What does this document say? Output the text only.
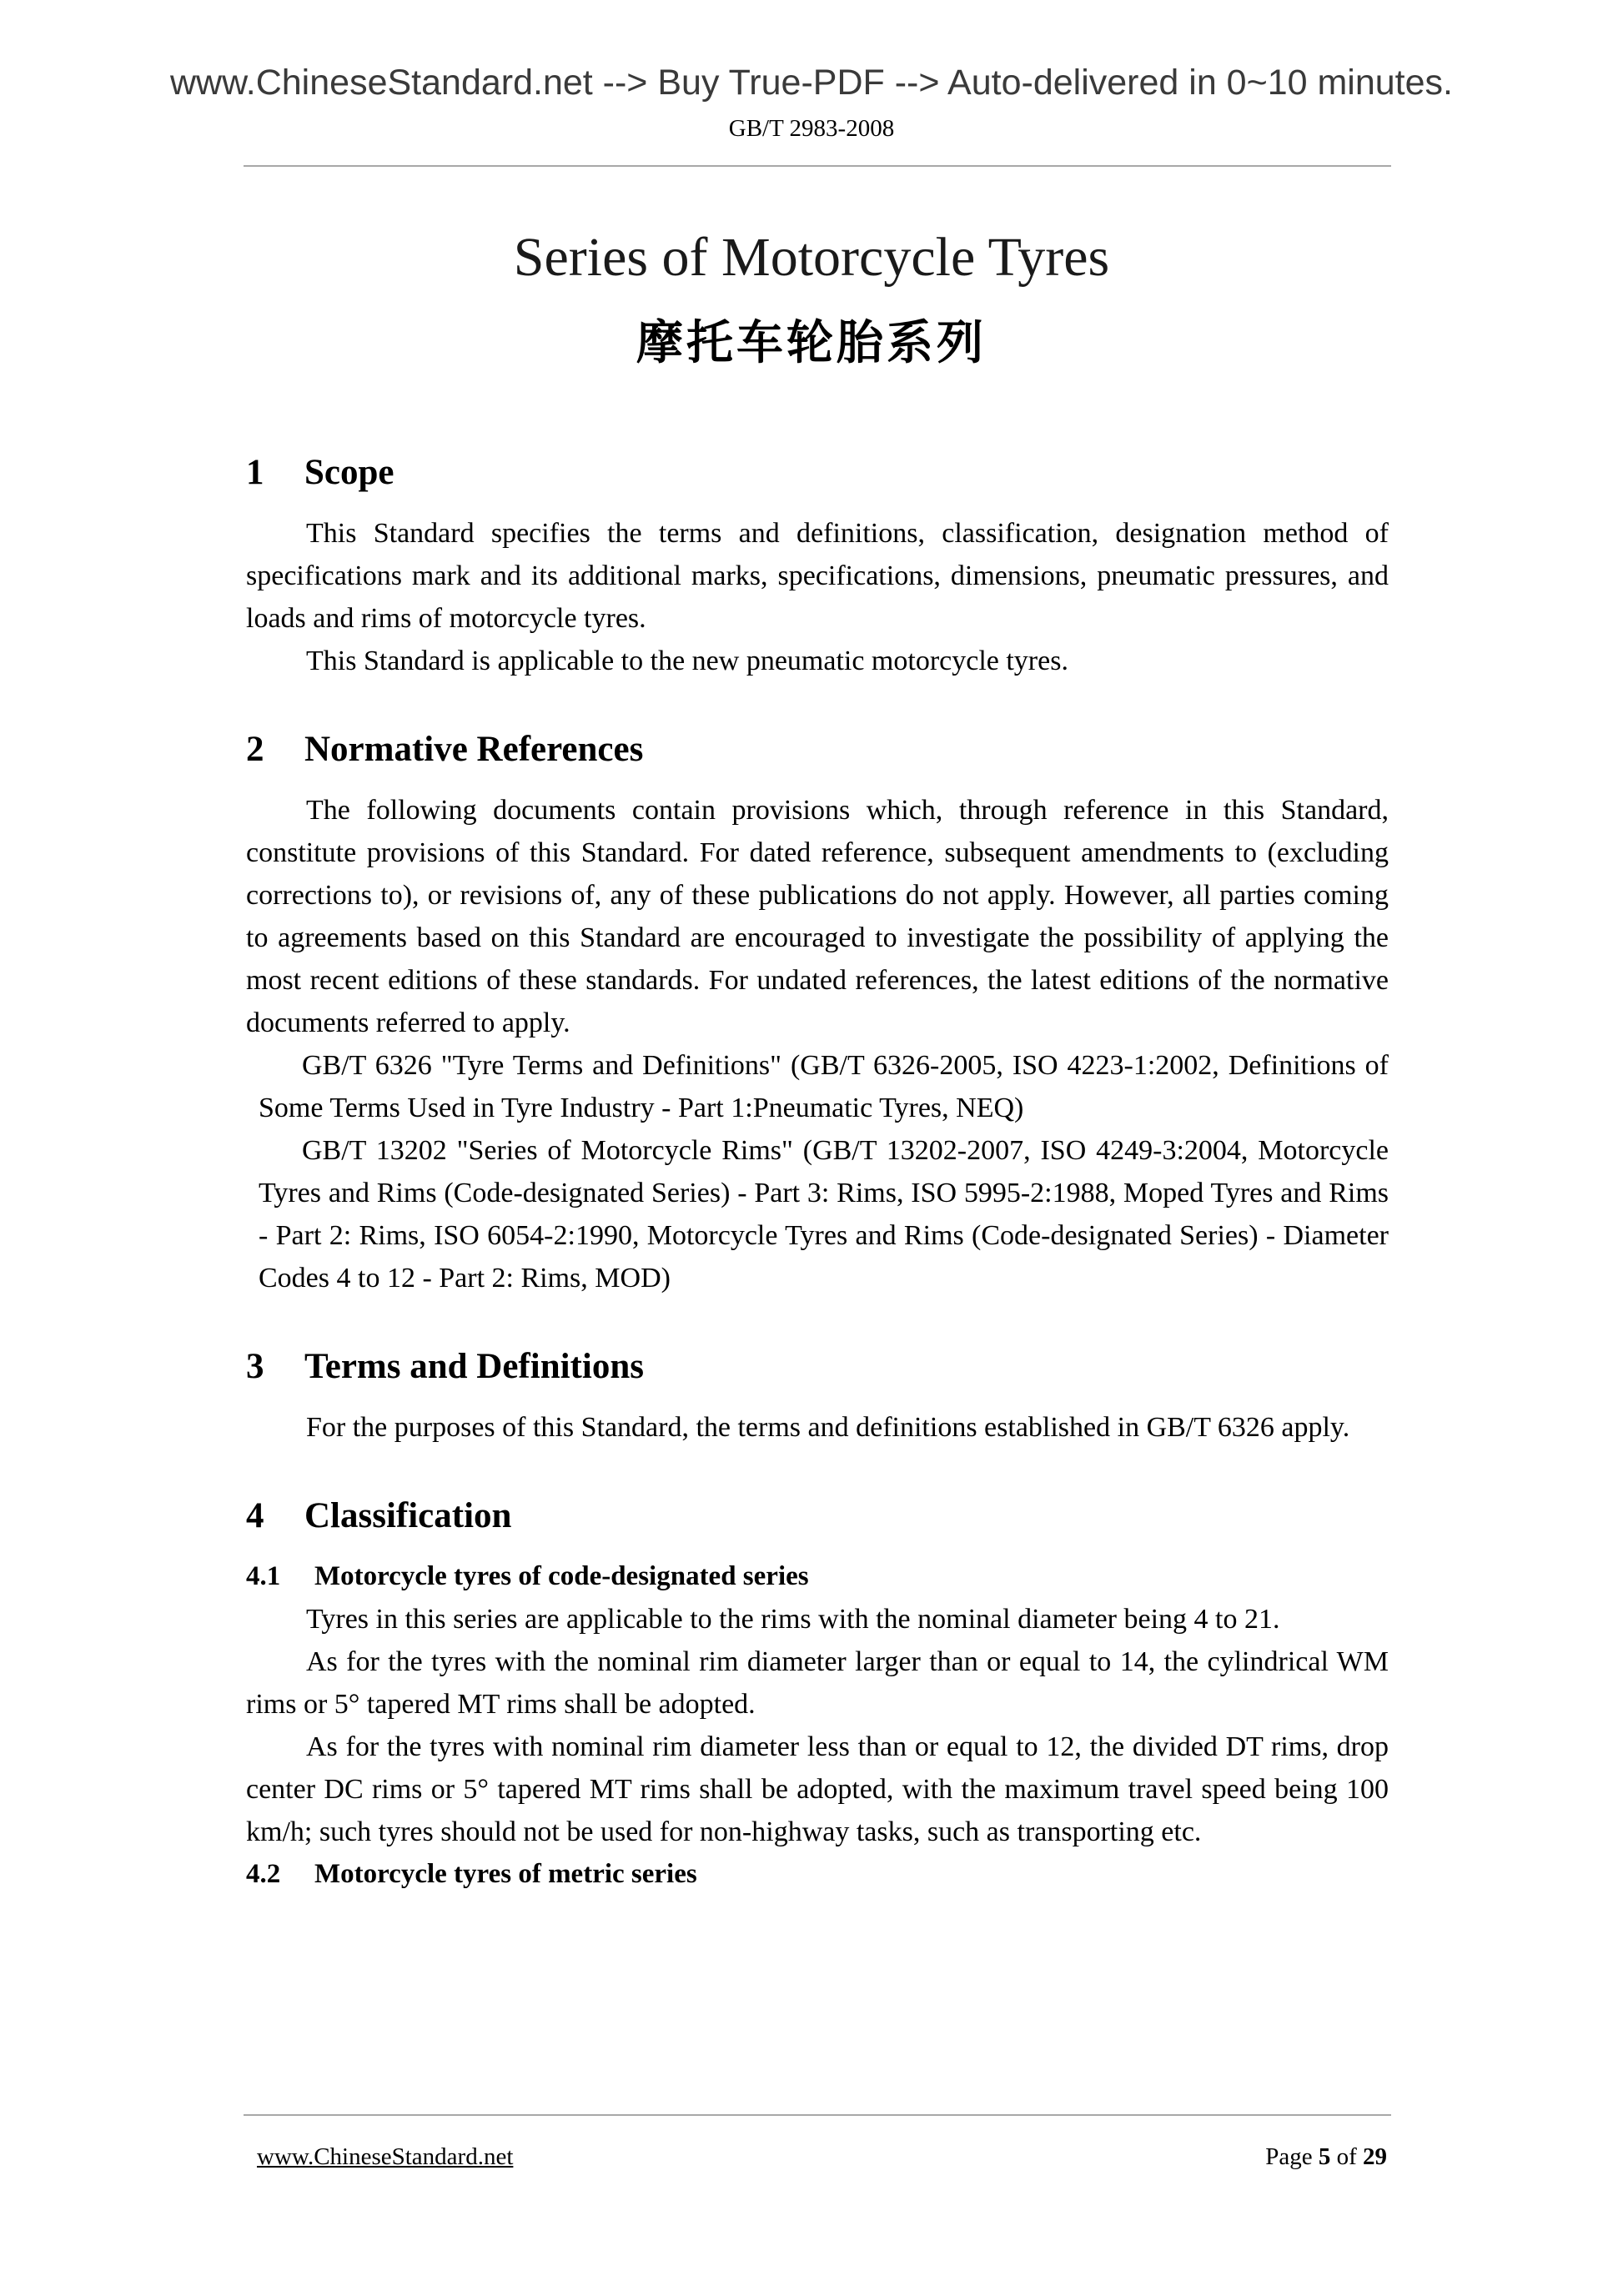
www.ChineseStandard.net --> Buy True-PDF --> Auto-delivered in 0~10 minutes.
GB/T 2983-2008
Series of Motorcycle Tyres
摩托车轮胎系列
1	Scope

This Standard specifies the terms and definitions, classification, designation method of specifications mark and its additional marks, specifications, dimensions, pneumatic pressures, and loads and rims of motorcycle tyres.

This Standard is applicable to the new pneumatic motorcycle tyres.

2	Normative References

The following documents contain provisions which, through reference in this Standard, constitute provisions of this Standard. For dated reference, subsequent amendments to (excluding corrections to), or revisions of, any of these publications do not apply. However, all parties coming to agreements based on this Standard are encouraged to investigate the possibility of applying the most recent editions of these standards. For undated references, the latest editions of the normative documents referred to apply.

GB/T 6326 "Tyre Terms and Definitions" (GB/T 6326-2005, ISO 4223-1:2002, Definitions of Some Terms Used in Tyre Industry - Part 1:Pneumatic Tyres, NEQ)

GB/T 13202 "Series of Motorcycle Rims" (GB/T 13202-2007, ISO 4249-3:2004, Motorcycle Tyres and Rims (Code-designated Series) - Part 3: Rims, ISO 5995-2:1988, Moped Tyres and Rims - Part 2: Rims, ISO 6054-2:1990, Motorcycle Tyres and Rims (Code-designated Series) - Diameter Codes 4 to 12 - Part 2: Rims, MOD)

3	Terms and Definitions

For the purposes of this Standard, the terms and definitions established in GB/T 6326 apply.

4	Classification
4.1	Motorcycle tyres of code-designated series

Tyres in this series are applicable to the rims with the nominal diameter being 4 to 21.

As for the tyres with the nominal rim diameter larger than or equal to 14, the cylindrical WM rims or 5° tapered MT rims shall be adopted.

As for the tyres with nominal rim diameter less than or equal to 12, the divided DT rims, drop center DC rims or 5° tapered MT rims shall be adopted, with the maximum travel speed being 100 km/h; such tyres should not be used for non-highway tasks, such as transporting etc.

4.2	Motorcycle tyres of metric series
www.ChineseStandard.net	Page 5 of 29
